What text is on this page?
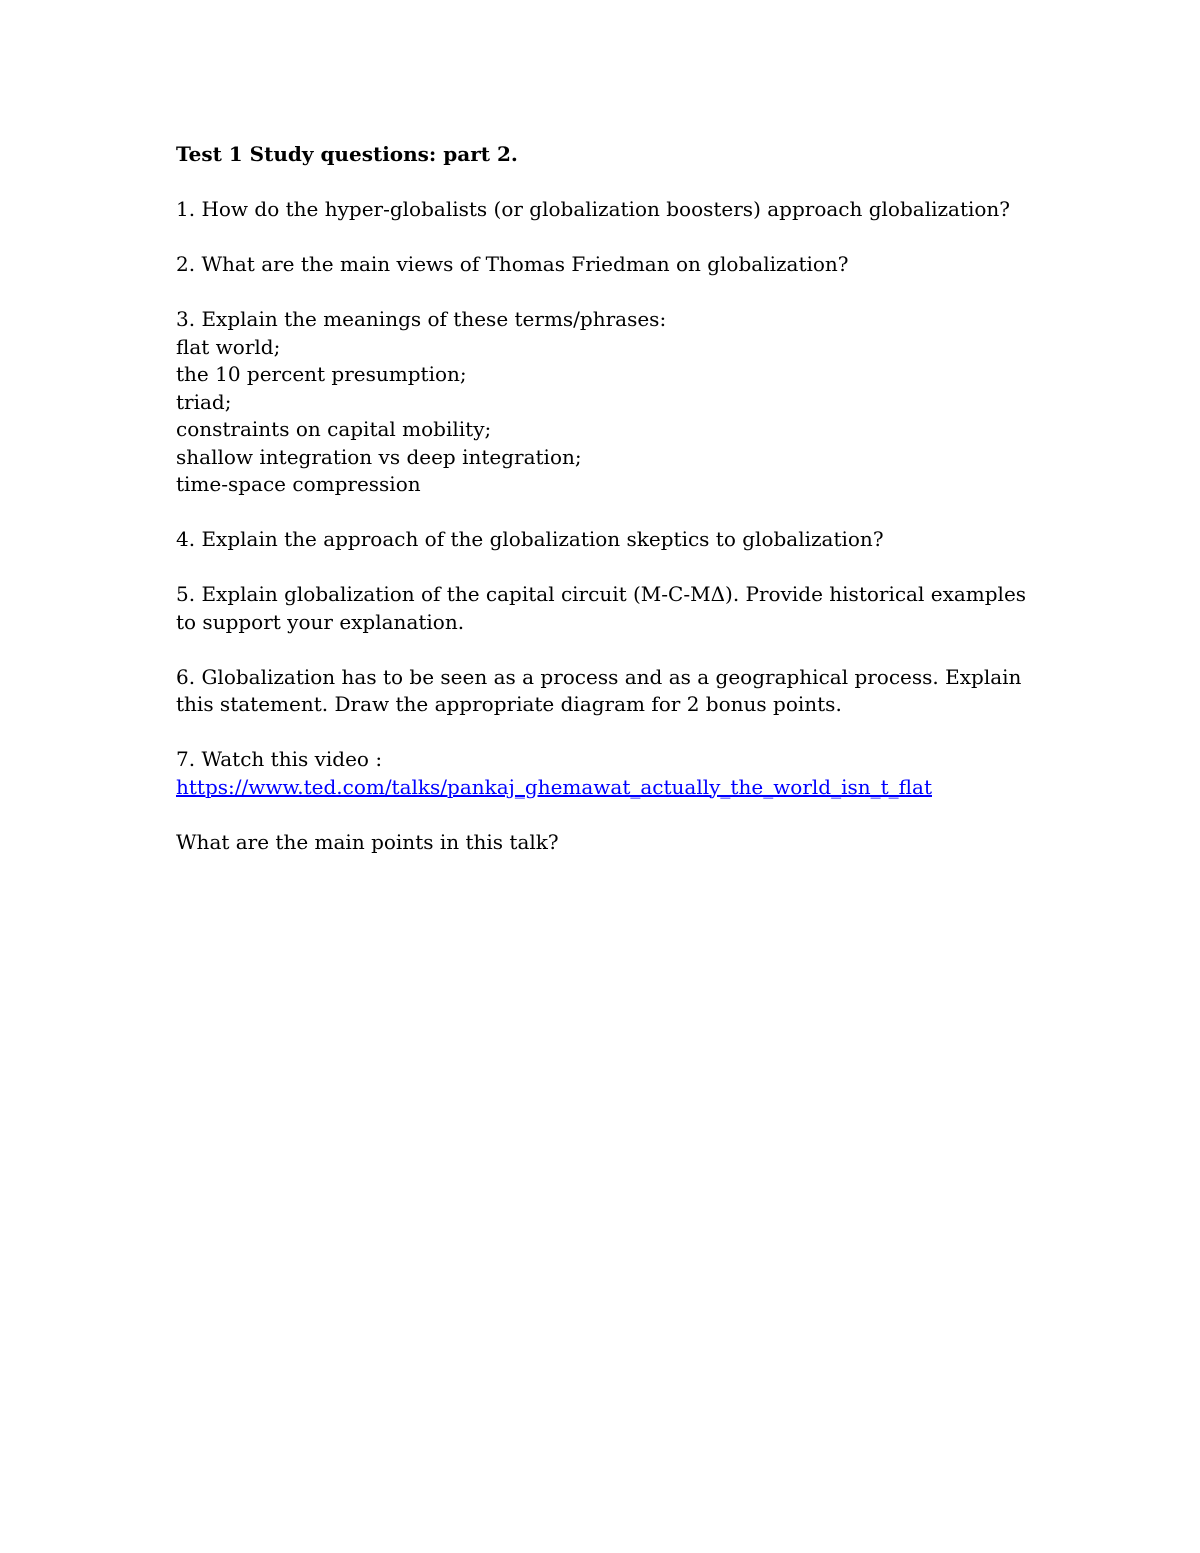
Test 1 Study questions: part 2.
1. How do the hyper-globalists (or globalization boosters) approach globalization?
2. What are the main views of Thomas Friedman on globalization?
3. Explain the meanings of these terms/phrases:
flat world;
the 10 percent presumption;
triad;
constraints on capital mobility;
shallow integration vs deep integration;
time-space compression
4. Explain the approach of the globalization skeptics to globalization?
5. Explain globalization of the capital circuit (M-C-MΔ). Provide historical examples
to support your explanation.
6. Globalization has to be seen as a process and as a geographical process. Explain
this statement. Draw the appropriate diagram for 2 bonus points.
7. Watch this video :
https://www.ted.com/talks/pankaj_ghemawat_actually_the_world_isn_t_flat
What are the main points in this talk?
